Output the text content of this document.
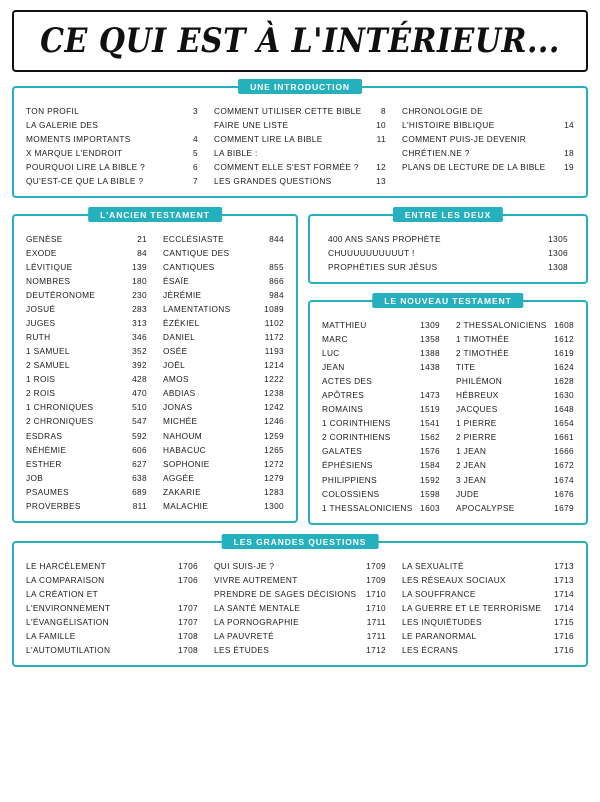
CE QUI EST À L'INTÉRIEUR...
UNE INTRODUCTION
TON PROFIL	3
LA GALERIE DES
MOMENTS IMPORTANTS	4
X MARQUE L'ENDROIT	5
POURQUOI LIRE LA BIBLE ?	6
QU'EST-CE QUE LA BIBLE ?	7
COMMENT UTILISER CETTE BIBLE	8
FAIRE UNE LISTE	10
COMMENT LIRE LA BIBLE	11
LA BIBLE :
COMMENT ELLE S'EST FORMÉE ?	12
LES GRANDES QUESTIONS	13
CHRONOLOGIE DE
L'HISTOIRE BIBLIQUE	14
COMMENT PUIS-JE DEVENIR
CHRÉTIEN.NE ?	18
PLANS DE LECTURE DE LA BIBLE	19
L'ANCIEN TESTAMENT
GENÈSE	21
EXODE	84
LÉVITIQUE	139
NOMBRES	180
DEUTÉRONOME	230
JOSUÉ	283
JUGES	313
RUTH	346
1 SAMUEL	352
2 SAMUEL	392
1 ROIS	428
2 ROIS	470
1 CHRONIQUES	510
2 CHRONIQUES	547
ESDRAS	592
NÉHÉMIE	606
ESTHER	627
JOB	638
PSAUMES	689
PROVERBES	811
ECCLÉSIASTE	844
CANTIQUE DES
CANTIQUES	855
ÉSAÏE	866
JÉRÉMIE	984
LAMENTATIONS	1089
ÉZÉKIEL	1102
DANIEL	1172
OSÉE	1193
JOËL	1214
AMOS	1222
ABDIAS	1238
JONAS	1242
MICHÉE	1246
NAHOUM	1259
HABACUC	1265
SOPHONIE	1272
AGGÉE	1279
ZAKARIE	1283
MALACHIE	1300
ENTRE LES DEUX
400 ANS SANS PROPHÈTE	1305
CHUUUUUUUUUUT !	1306
PROPHÉTIES SUR JÉSUS	1308
LE NOUVEAU TESTAMENT
MATTHIEU	1309
MARC	1358
LUC	1388
JEAN	1438
ACTES DES
APÔTRES	1473
ROMAINS	1519
1 CORINTHIENS	1541
2 CORINTHIENS	1562
GALATES	1576
ÉPHÉSIENS	1584
PHILIPPIENS	1592
COLOSSIENS	1598
1 THESSALONICIENS 1603
2 THESSALONICIENS 1608
1 TIMOTHÉE	1612
2 TIMOTHÉE	1619
TITE	1624
PHILÉMON	1628
HÉBREUX	1630
JACQUES	1648
1 PIERRE	1654
2 PIERRE	1661
1 JEAN	1666
2 JEAN	1672
3 JEAN	1674
JUDE	1676
APOCALYPSE	1679
LES GRANDES QUESTIONS
LE HARCÈLEMENT	1706
LA COMPARAISON	1706
LA CRÉATION ET
L'ENVIRONNEMENT	1707
L'ÉVANGÉLISATION	1707
LA FAMILLE	1708
L'AUTOMUTILATION	1708
QUI SUIS-JE ?	1709
VIVRE AUTREMENT	1709
PRENDRE DE SAGES DÉCISIONS	1710
LA SANTÉ MENTALE	1710
LA PORNOGRAPHIE	1711
LA PAUVRETÉ	1711
LES ÉTUDES	1712
LA SEXUALITÉ	1713
LES RÉSEAUX SOCIAUX	1713
LA SOUFFRANCE	1714
LA GUERRE ET LE TERRORISME	1714
LES INQUIÉTUDES	1715
LE PARANORMAL	1716
LES ÉCRANS	1716
